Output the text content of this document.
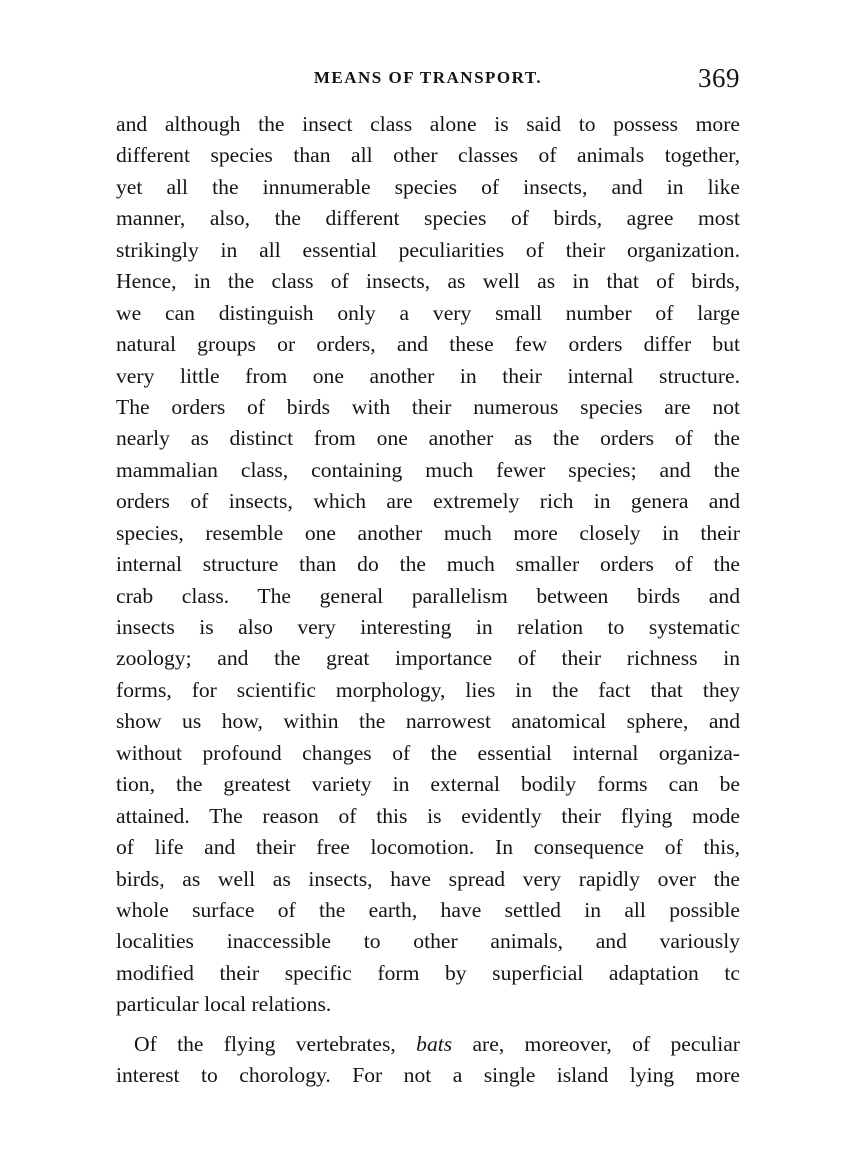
MEANS OF TRANSPORT.	369
and although the insect class alone is said to possess more
different species than all other classes of animals together,
yet all the innumerable species of insects, and in like
manner, also, the different species of birds, agree most
strikingly in all essential peculiarities of their organization.
Hence, in the class of insects, as well as in that of birds,
we can distinguish only a very small number of large
natural groups or orders, and these few orders differ but
very little from one another in their internal structure.
The orders of birds with their numerous species are not
nearly as distinct from one another as the orders of the
mammalian class, containing much fewer species; and the
orders of insects, which are extremely rich in genera and
species, resemble one another much more closely in their
internal structure than do the much smaller orders of the
crab class. The general parallelism between birds and
insects is also very interesting in relation to systematic
zoology; and the great importance of their richness in
forms, for scientific morphology, lies in the fact that they
show us how, within the narrowest anatomical sphere, and
without profound changes of the essential internal organiza-
tion, the greatest variety in external bodily forms can be
attained. The reason of this is evidently their flying mode
of life and their free locomotion. In consequence of this,
birds, as well as insects, have spread very rapidly over the
whole surface of the earth, have settled in all possible
localities inaccessible to other animals, and variously
modified their specific form by superficial adaptation tc
particular local relations.
Of the flying vertebrates, bats are, moreover, of peculiar
interest to chorology. For not a single island lying more
